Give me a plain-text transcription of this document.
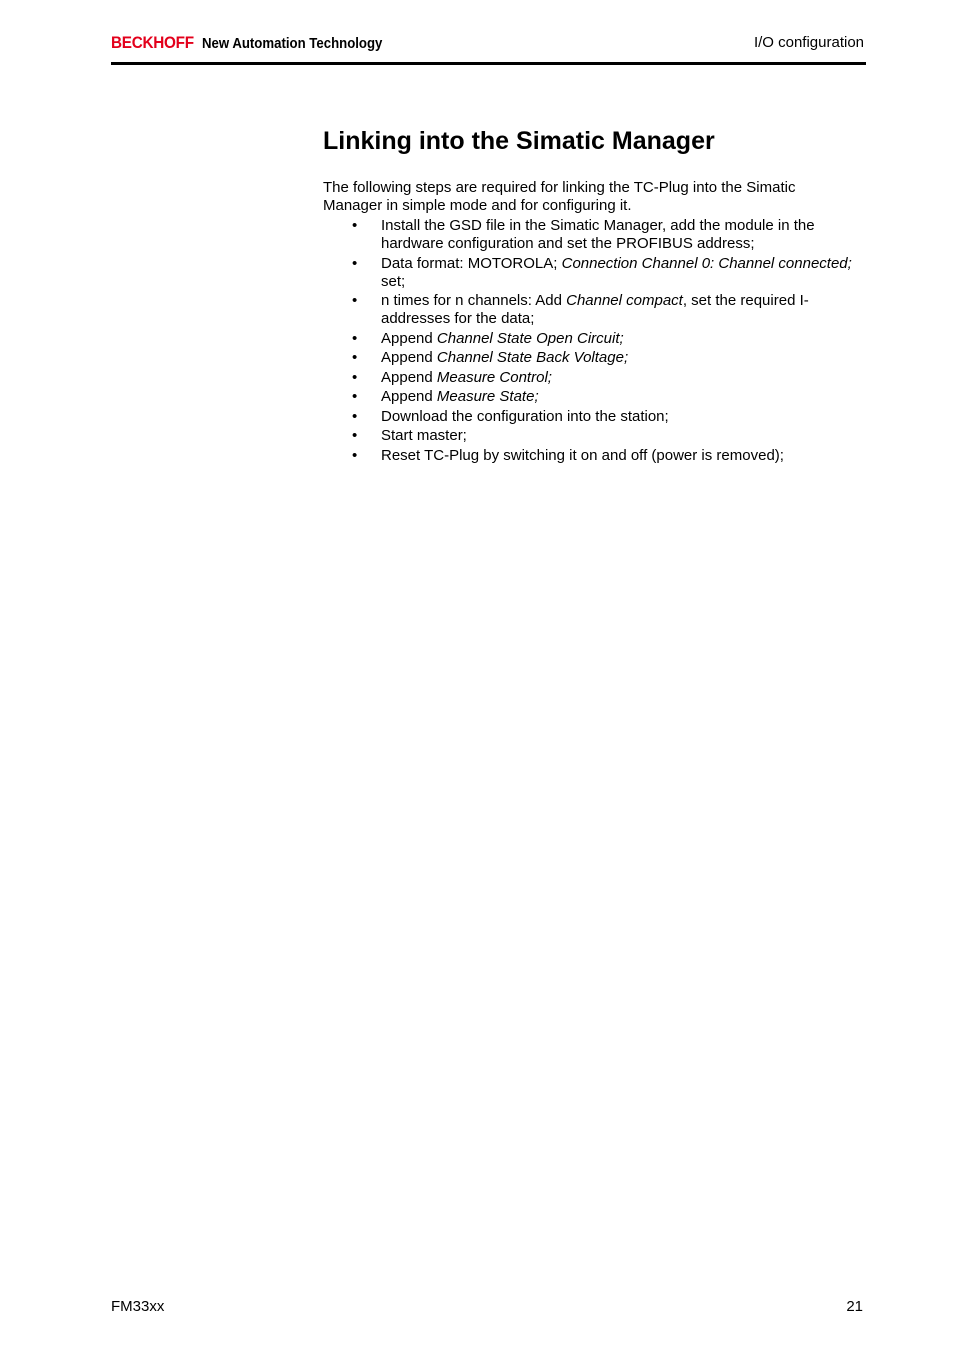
BECKHOFF New Automation Technology	I/O configuration
Linking into the Simatic Manager

The following steps are required for linking the TC-Plug into the Simatic Manager in simple mode and for configuring it.

• Install the GSD file in the Simatic Manager, add the module in the hardware configuration and set the PROFIBUS address;
• Data format: MOTOROLA; Connection Channel 0: Channel connected; set;
• n times for n channels: Add Channel compact, set the required I-addresses for the data;
• Append Channel State Open Circuit;
• Append Channel State Back Voltage;
• Append Measure Control;
• Append Measure State;
• Download the configuration into the station;
• Start master;
• Reset TC-Plug by switching it on and off (power is removed);
FM33xx	21
